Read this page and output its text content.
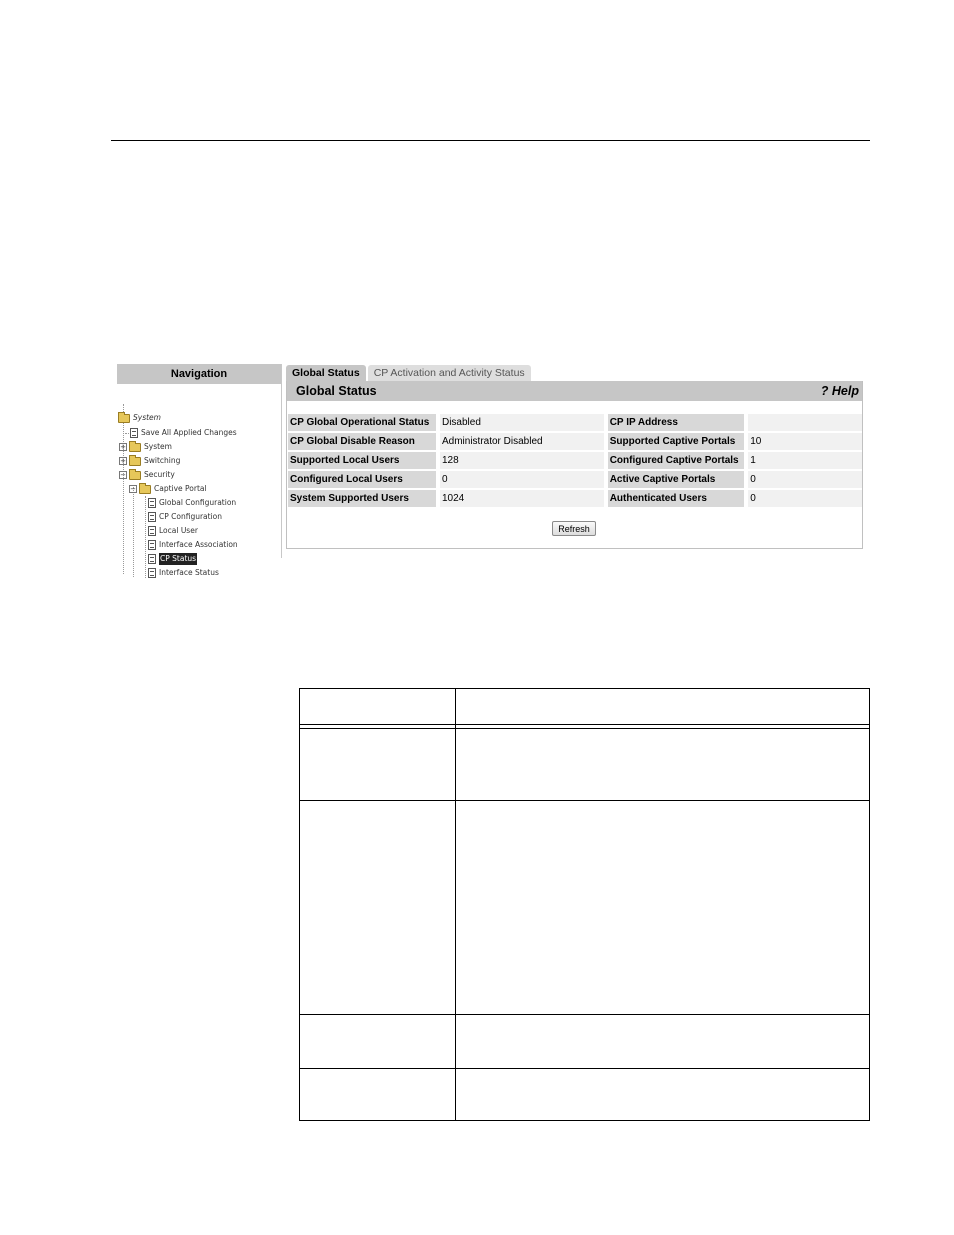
Navigation
System
Save All Applied Changes
+ System
+ Switching
− Security
− Captive Portal
Global Configuration
CP Configuration
Local User
Interface Association
CP Status
Interface Status
Global Status	CP Activation and Activity Status
Global Status	? Help
CP Global Operational Status		Disabled		CP IP Address		
CP Global Disable Reason		Administrator Disabled		Supported Captive Portals		10
Supported Local Users		128		Configured Captive Portals		1
Configured Local Users		0		Active Captive Portals		0
System Supported Users		1024		Authenticated Users		0
Refresh
